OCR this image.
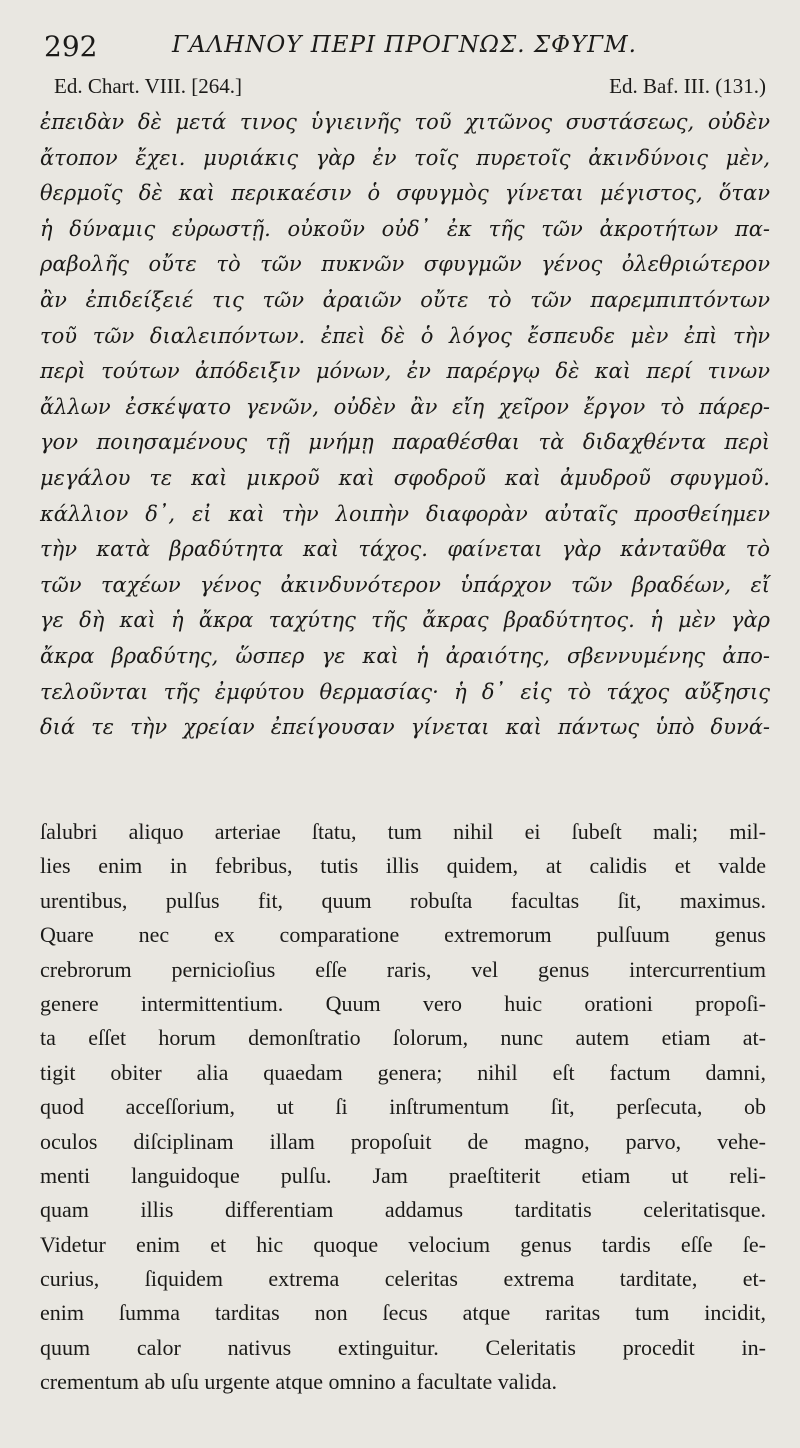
292	ΓΑΛΗΝΟΥ ΠΕΡΙ ΠΡΟΓΝΩΣ. ΣΦΥΓΜ.
Ed. Chart. VIII. [264.]	Ed. Baf. III. (131.)
ἐπειδὰν δὲ μετά τινος ὑγιεινῆς τοῦ χιτῶνος συστάσεως, οὐδὲν
ἄτοπον ἔχει. μυριάκις γὰρ ἐν τοῖς πυρετοῖς ἀκινδύνοις μὲν,
θερμοῖς δὲ καὶ περικαέσιν ὁ σφυγμὸς γίνεται μέγιστος, ὅταν
ἡ δύναμις εὐρωστῇ. οὐκοῦν οὐδ᾽ ἐκ τῆς τῶν ἀκροτήτων πα-
ραβολῆς οὔτε τὸ τῶν πυκνῶν σφυγμῶν γένος ὀλεθριώτερον
ἂν ἐπιδείξειέ τις τῶν ἀραιῶν οὔτε τὸ τῶν παρεμπιπτόντων
τοῦ τῶν διαλειπόντων. ἐπεὶ δὲ ὁ λόγος ἔσπευδε μὲν ἐπὶ τὴν
περὶ τούτων ἀπόδειξιν μόνων, ἐν παρέργῳ δὲ καὶ περί τινων
ἄλλων ἐσκέψατο γενῶν, οὐδὲν ἂν εἴη χεῖρον ἔργον τὸ πάρερ-
γον ποιησαμένους τῇ μνήμῃ παραθέσθαι τὰ διδαχθέντα περὶ
μεγάλου τε καὶ μικροῦ καὶ σφοδροῦ καὶ ἀμυδροῦ σφυγμοῦ.
κάλλιον δ᾽, εἰ καὶ τὴν λοιπὴν διαφορὰν αὐταῖς προσθείημεν
τὴν κατὰ βραδύτητα καὶ τάχος. φαίνεται γὰρ κἀνταῦθα τὸ
τῶν ταχέων γένος ἀκινδυνότερον ὑπάρχον τῶν βραδέων, εἴ
γε δὴ καὶ ἡ ἄκρα ταχύτης τῆς ἄκρας βραδύτητος. ἡ μὲν γὰρ
ἄκρα βραδύτης, ὥσπερ γε καὶ ἡ ἀραιότης, σβεννυμένης ἀπο-
τελοῦνται τῆς ἐμφύτου θερμασίας· ἡ δ᾽ εἰς τὸ τάχος αὔξησις
διά τε τὴν χρείαν ἐπείγουσαν γίνεται καὶ πάντως ὑπὸ δυνά-
ſalubri aliquo arteriae ſtatu, tum nihil ei ſubeſt mali; mil-
lies enim in febribus, tutis illis quidem, at calidis et valde
urentibus, pulſus fit, quum robuſta facultas ſit, maximus.
Quare nec ex comparatione extremorum pulſuum genus
crebrorum pernicioſius eſſe raris, vel genus intercurrentium
genere intermittentium. Quum vero huic orationi propoſi-
ta eſſet horum demonſtratio ſolorum, nunc autem etiam at-
tigit obiter alia quaedam genera; nihil eſt factum damni,
quod acceſſorium, ut ſi inſtrumentum ſit, perſecuta, ob
oculos diſciplinam illam propoſuit de magno, parvo, vehe-
menti languidoque pulſu. Jam praeſtiterit etiam ut reli-
quam illis differentiam addamus tarditatis celeritatisque.
Videtur enim et hic quoque velocium genus tardis eſſe ſe-
curius, ſiquidem extrema celeritas extrema tarditate, et-
enim ſumma tarditas non ſecus atque raritas tum incidit,
quum calor nativus extinguitur. Celeritatis procedit in-
crementum ab uſu urgente atque omnino a facultate valida.
